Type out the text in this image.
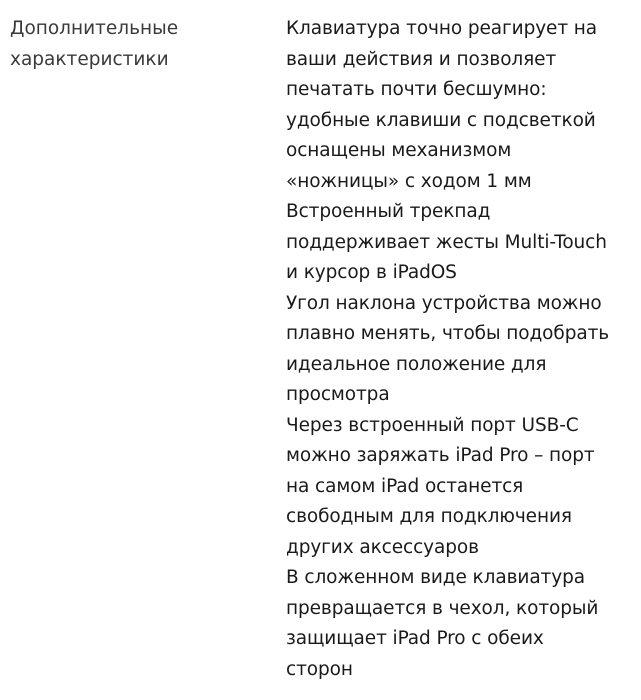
Дополнительные
характеристики
Клавиатура точно реагирует на
ваши действия и позволяет
печатать почти бесшумно:
удобные клавиши с подсветкой
оснащены механизмом
«ножницы» с ходом 1 мм
Встроенный трекпад
поддерживает жесты Multi-Touch
и курсор в iPadOS
Угол наклона устройства можно
плавно менять, чтобы подобрать
идеальное положение для
просмотра
Через встроенный порт USB-C
можно заряжать iPad Pro – порт
на самом iPad останется
свободным для подключения
других аксессуаров
В сложенном виде клавиатура
превращается в чехол, который
защищает iPad Pro с обеих
сторон
